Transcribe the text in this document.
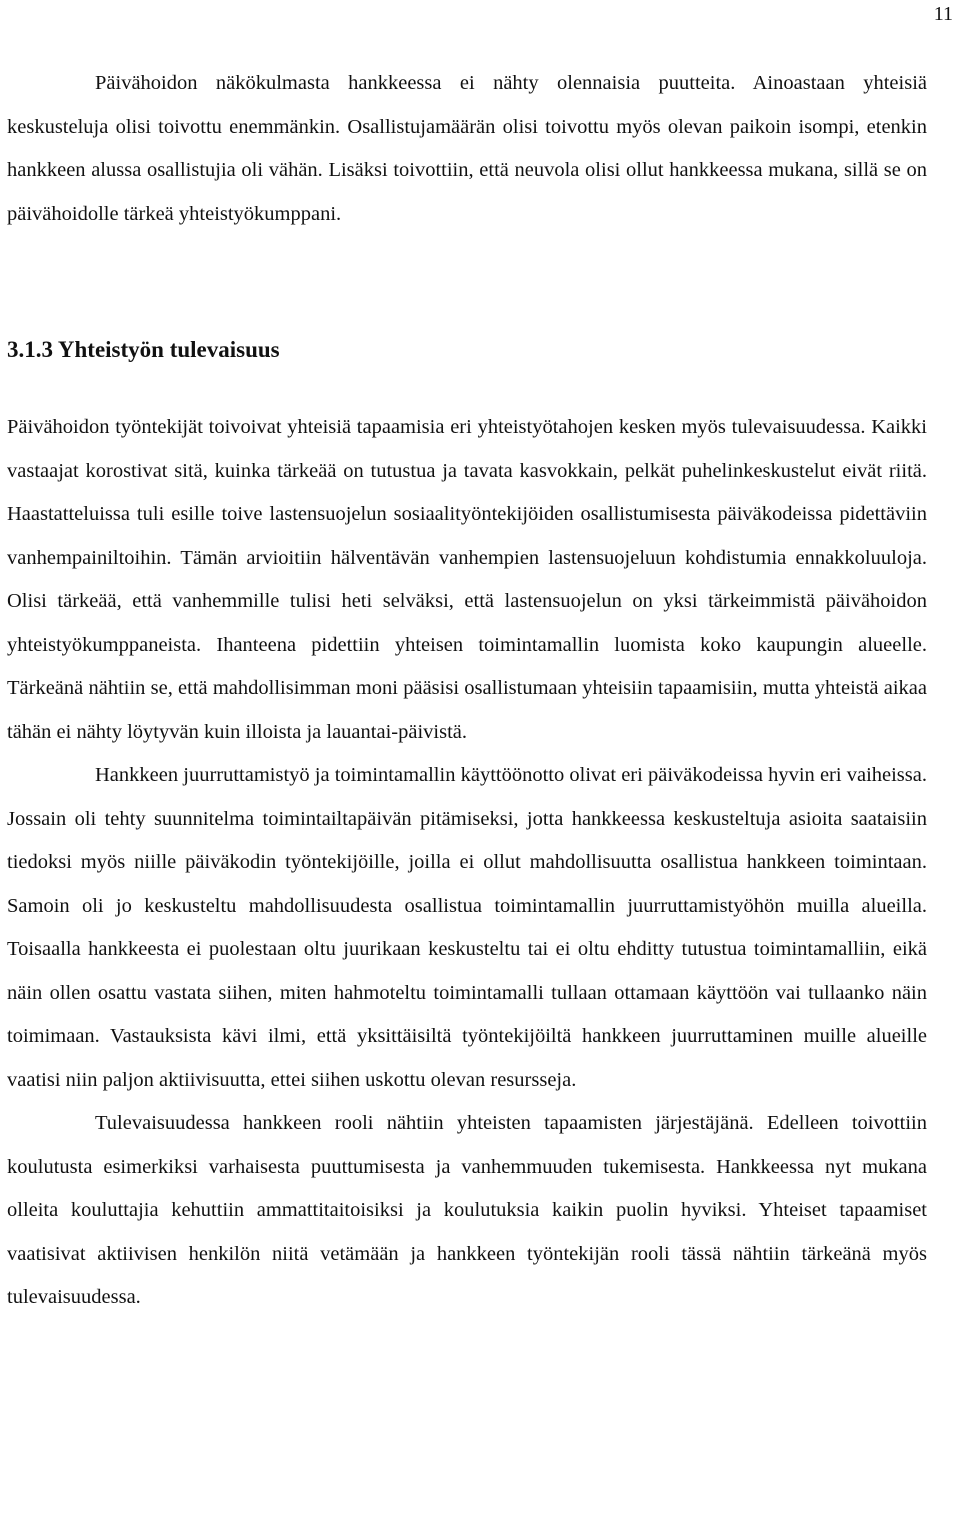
11

Päivähoidon näkökulmasta hankkeessa ei nähty olennaisia puutteita. Ainoastaan yhteisiä keskusteluja olisi toivottu enemmänkin. Osallistujamäärän olisi toivottu myös olevan paikoin isompi, etenkin hankkeen alussa osallistujia oli vähän. Lisäksi toivottiin, että neuvola olisi ollut hankkeessa mukana, sillä se on päivähoidolle tärkeä yhteistyökumppani.

3.1.3 Yhteistyön tulevaisuus

Päivähoidon työntekijät toivoivat yhteisiä tapaamisia eri yhteistyötahojen kesken myös tulevaisuudessa. Kaikki vastaajat korostivat sitä, kuinka tärkeää on tutustua ja tavata kasvokkain, pelkät puhelinkeskustelut eivät riitä. Haastatteluissa tuli esille toive lastensuojelun sosiaalityöntekijöiden osallistumisesta päiväkodeissa pidettäviin vanhempainiltoihin. Tämän arvioitiin hälventävän vanhempien lastensuojeluun kohdistumia ennakkoluuloja. Olisi tärkeää, että vanhemmille tulisi heti selväksi, että lastensuojelun on yksi tärkeimmistä päivähoidon yhteistyökumppaneista. Ihanteena pidettiin yhteisen toimintamallin luomista koko kaupungin alueelle. Tärkeänä nähtiin se, että mahdollisimman moni pääsisi osallistumaan yhteisiin tapaamisiin, mutta yhteistä aikaa tähän ei nähty löytyvän kuin illoista ja lauantai-päivistä.

Hankkeen juurruttamistyö ja toimintamallin käyttöönotto olivat eri päiväkodeissa hyvin eri vaiheissa. Jossain oli tehty suunnitelma toimintailtapäivän pitämiseksi, jotta hankkeessa keskusteltuja asioita saataisiin tiedoksi myös niille päiväkodin työntekijöille, joilla ei ollut mahdollisuutta osallistua hankkeen toimintaan. Samoin oli jo keskusteltu mahdollisuudesta osallistua toimintamallin juurruttamistyöhön muilla alueilla. Toisaalla hankkeesta ei puolestaan oltu juurikaan keskusteltu tai ei oltu ehditty tutustua toimintamalliin, eikä näin ollen osattu vastata siihen, miten hahmoteltu toimintamalli tullaan ottamaan käyttöön vai tullaanko näin toimimaan. Vastauksista kävi ilmi, että yksittäisiltä työntekijöiltä hankkeen juurruttaminen muille alueille vaatisi niin paljon aktiivisuutta, ettei siihen uskottu olevan resursseja.

Tulevaisuudessa hankkeen rooli nähtiin yhteisten tapaamisten järjestäjänä. Edelleen toivottiin koulutusta esimerkiksi varhaisesta puuttumisesta ja vanhemmuuden tukemisesta. Hankkeessa nyt mukana olleita kouluttajia kehuttiin ammattitaitoisiksi ja koulutuksia kaikin puolin hyviksi. Yhteiset tapaamiset vaatisivat aktiivisen henkilön niitä vetämään ja hankkeen työntekijän rooli tässä nähtiin tärkeänä myös tulevaisuudessa.
